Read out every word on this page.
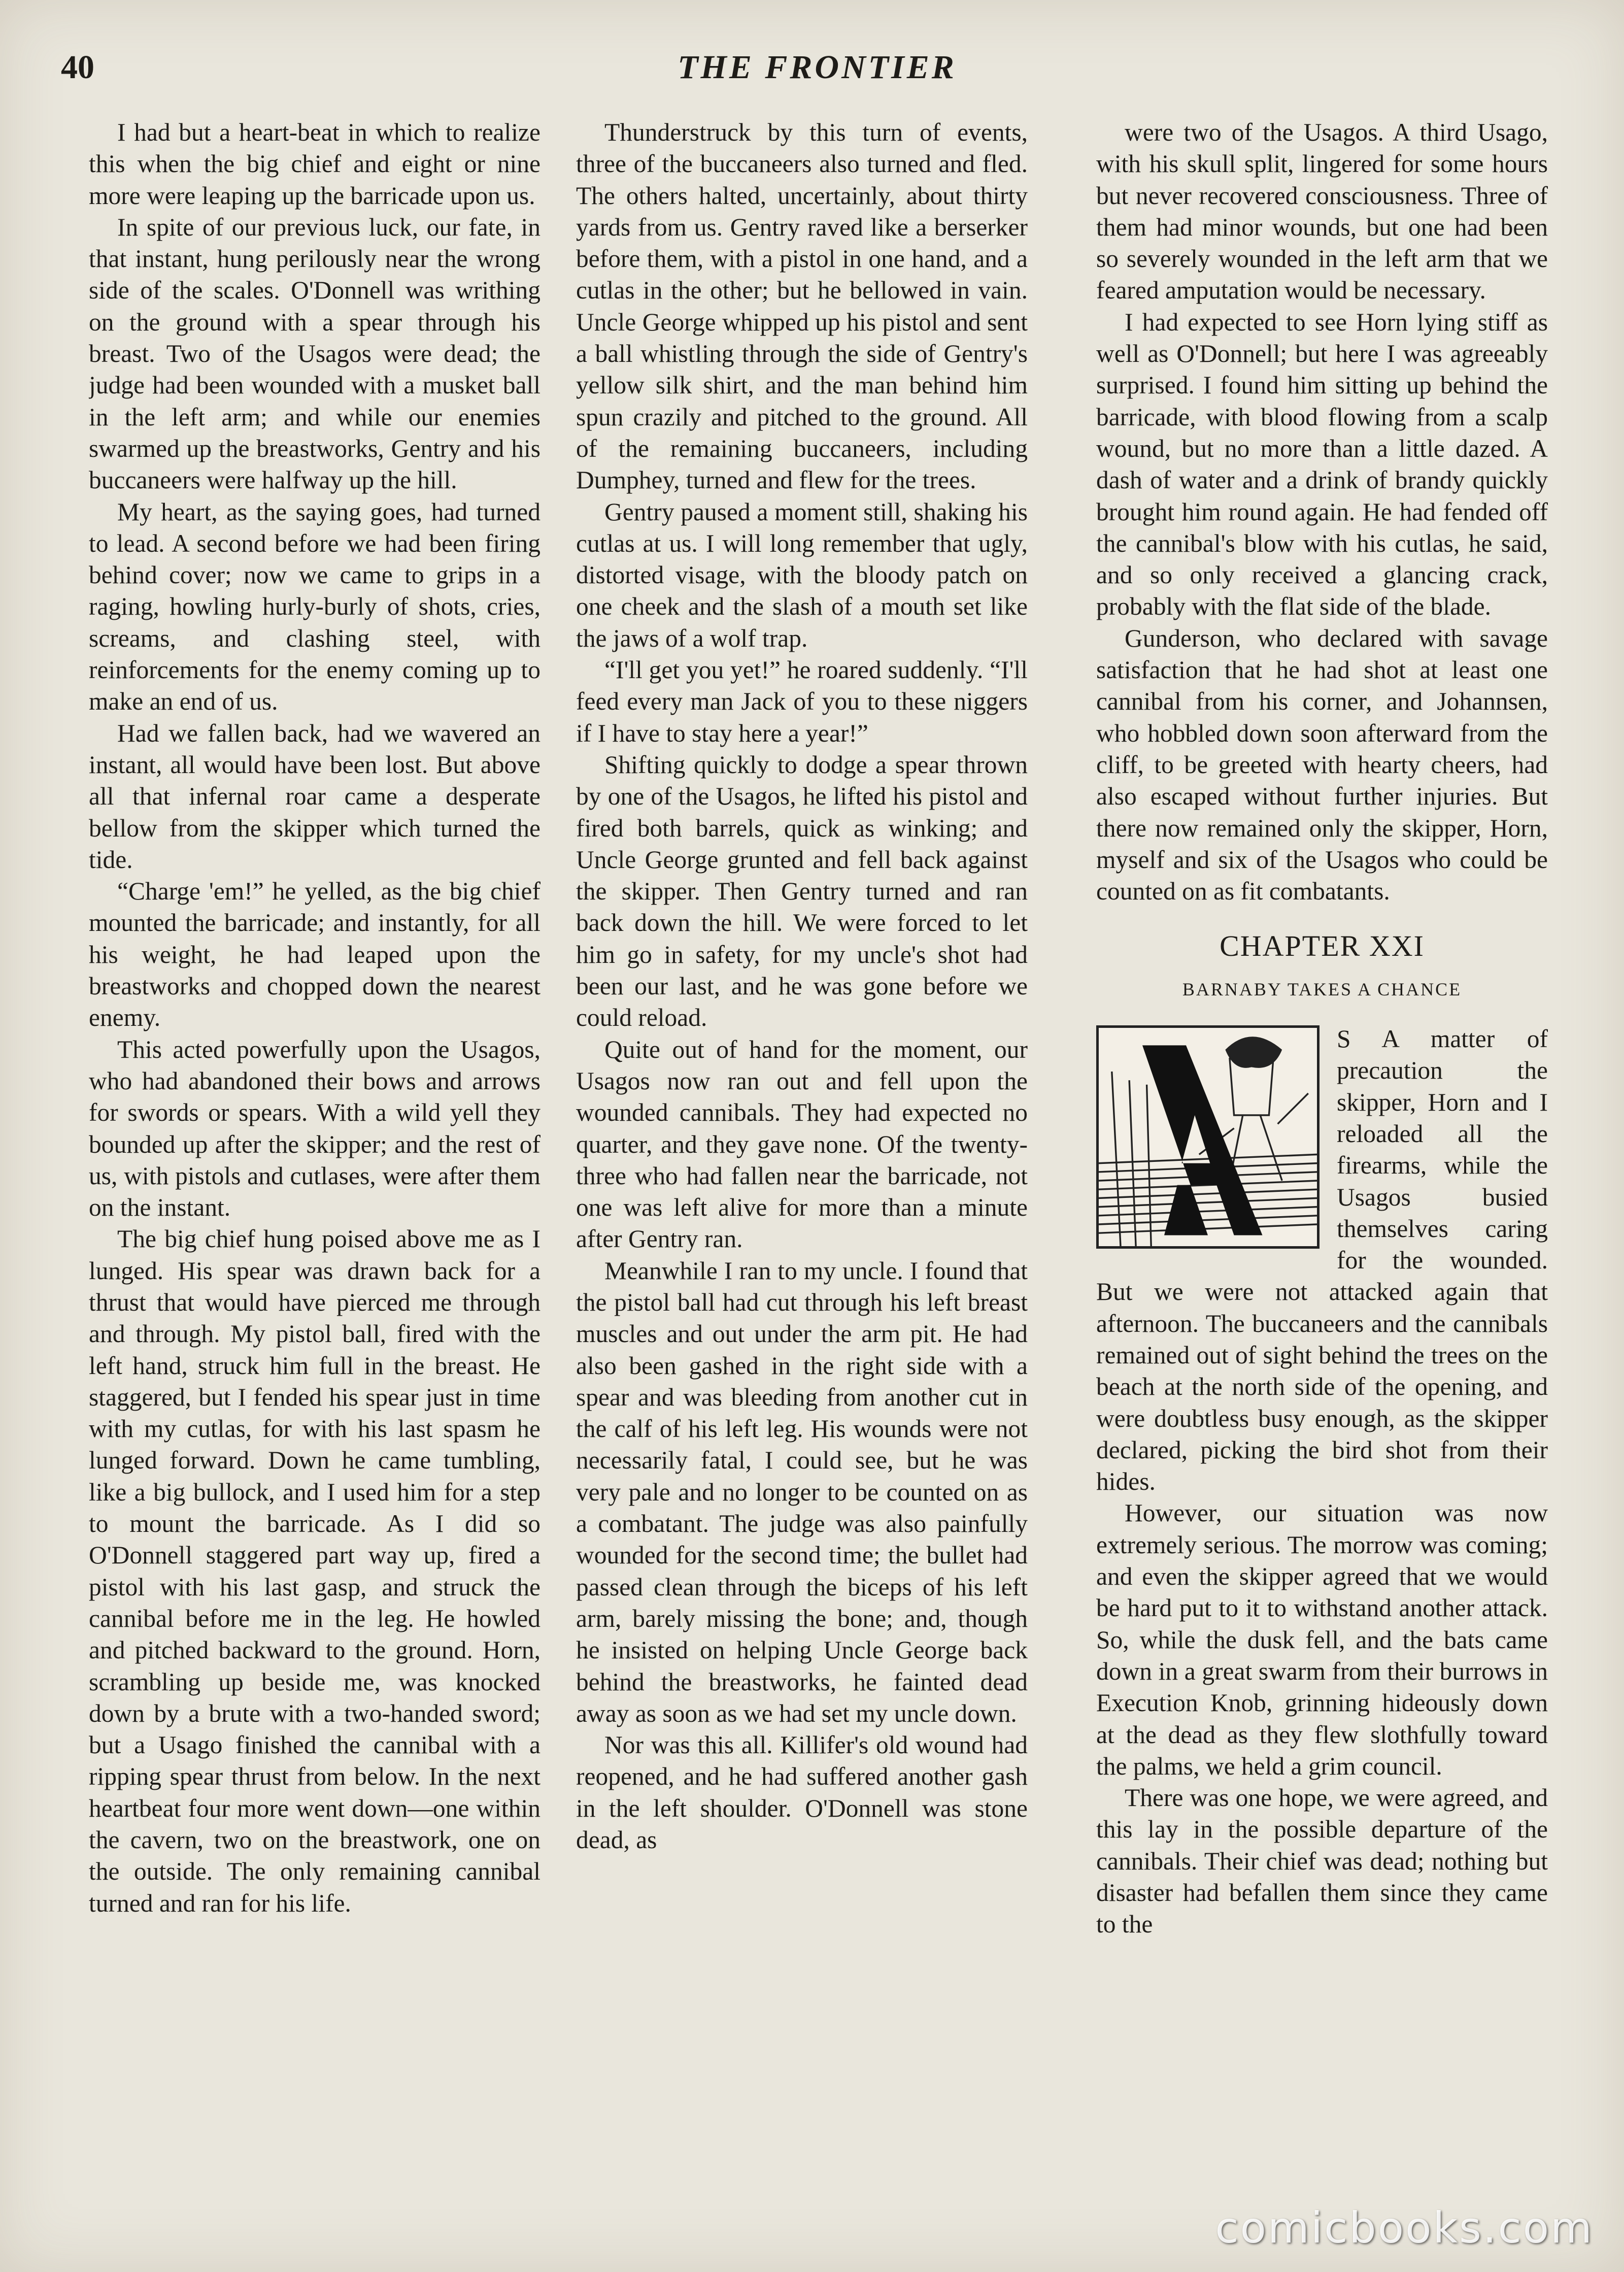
40	THE FRONTIER

I had but a heart-beat in which to realize this when the big chief and eight or nine more were leaping up the barricade upon us.

In spite of our previous luck, our fate, in that instant, hung perilously near the wrong side of the scales. O'Donnell was writhing on the ground with a spear through his breast. Two of the Usagos were dead; the judge had been wounded with a musket ball in the left arm; and while our enemies swarmed up the breastworks, Gentry and his buccaneers were halfway up the hill.

My heart, as the saying goes, had turned to lead. A second before we had been firing behind cover; now we came to grips in a raging, howling hurly-burly of shots, cries, screams, and clashing steel, with reinforcements for the enemy coming up to make an end of us.

Had we fallen back, had we wavered an instant, all would have been lost. But above all that infernal roar came a desperate bellow from the skipper which turned the tide.

“Charge 'em!” he yelled, as the big chief mounted the barricade; and instantly, for all his weight, he had leaped upon the breastworks and chopped down the nearest enemy.

This acted powerfully upon the Usagos, who had abandoned their bows and arrows for swords or spears. With a wild yell they bounded up after the skipper; and the rest of us, with pistols and cutlases, were after them on the instant.

The big chief hung poised above me as I lunged. His spear was drawn back for a thrust that would have pierced me through and through. My pistol ball, fired with the left hand, struck him full in the breast. He staggered, but I fended his spear just in time with my cutlas, for with his last spasm he lunged forward. Down he came tumbling, like a big bullock, and I used him for a step to mount the barricade. As I did so O'Donnell staggered part way up, fired a pistol with his last gasp, and struck the cannibal before me in the leg. He howled and pitched backward to the ground. Horn, scrambling up beside me, was knocked down by a brute with a two-handed sword; but a Usago finished the cannibal with a ripping spear thrust from below. In the next heartbeat four more went down—one within the cavern, two on the breastwork, one on the outside. The only remaining cannibal turned and ran for his life.

Thunderstruck by this turn of events, three of the buccaneers also turned and fled. The others halted, uncertainly, about thirty yards from us. Gentry raved like a berserker before them, with a pistol in one hand, and a cutlas in the other; but he bellowed in vain. Uncle George whipped up his pistol and sent a ball whistling through the side of Gentry's yellow silk shirt, and the man behind him spun crazily and pitched to the ground. All of the remaining buccaneers, including Dumphey, turned and flew for the trees.

Gentry paused a moment still, shaking his cutlas at us. I will long remember that ugly, distorted visage, with the bloody patch on one cheek and the slash of a mouth set like the jaws of a wolf trap.

“I'll get you yet!” he roared suddenly. “I'll feed every man Jack of you to these niggers if I have to stay here a year!”

Shifting quickly to dodge a spear thrown by one of the Usagos, he lifted his pistol and fired both barrels, quick as winking; and Uncle George grunted and fell back against the skipper. Then Gentry turned and ran back down the hill. We were forced to let him go in safety, for my uncle's shot had been our last, and he was gone before we could reload.

Quite out of hand for the moment, our Usagos now ran out and fell upon the wounded cannibals. They had expected no quarter, and they gave none. Of the twenty-three who had fallen near the barricade, not one was left alive for more than a minute after Gentry ran.

Meanwhile I ran to my uncle. I found that the pistol ball had cut through his left breast muscles and out under the arm pit. He had also been gashed in the right side with a spear and was bleeding from another cut in the calf of his left leg. His wounds were not necessarily fatal, I could see, but he was very pale and no longer to be counted on as a combatant. The judge was also painfully wounded for the second time; the bullet had passed clean through the biceps of his left arm, barely missing the bone; and, though he insisted on helping Uncle George back behind the breastworks, he fainted dead away as soon as we had set my uncle down.

Nor was this all. Killifer's old wound had reopened, and he had suffered another gash in the left shoulder. O'Donnell was stone dead, as

were two of the Usagos. A third Usago, with his skull split, lingered for some hours but never recovered consciousness. Three of them had minor wounds, but one had been so severely wounded in the left arm that we feared amputation would be necessary.

I had expected to see Horn lying stiff as well as O'Donnell; but here I was agreeably surprised. I found him sitting up behind the barricade, with blood flowing from a scalp wound, but no more than a little dazed. A dash of water and a drink of brandy quickly brought him round again. He had fended off the cannibal's blow with his cutlas, he said, and so only received a glancing crack, probably with the flat side of the blade.

Gunderson, who declared with savage satisfaction that he had shot at least one cannibal from his corner, and Johannsen, who hobbled down soon afterward from the cliff, to be greeted with hearty cheers, had also escaped without further injuries. But there now remained only the skipper, Horn, myself and six of the Usagos who could be counted on as fit combatants.

CHAPTER XXI
BARNABY TAKES A CHANCE

S A matter of precaution the skipper, Horn and I reloaded all the firearms, while the Usagos busied themselves caring for the wounded. But we were not attacked again that afternoon. The buccaneers and the cannibals remained out of sight behind the trees on the beach at the north side of the opening, and were doubtless busy enough, as the skipper declared, picking the bird shot from their hides.

However, our situation was now extremely serious. The morrow was coming; and even the skipper agreed that we would be hard put to it to withstand another attack. So, while the dusk fell, and the bats came down in a great swarm from their burrows in Execution Knob, grinning hideously down at the dead as they flew slothfully toward the palms, we held a grim council.

There was one hope, we were agreed, and this lay in the possible departure of the cannibals. Their chief was dead; nothing but disaster had befallen them since they came to the

comicbooks.com
